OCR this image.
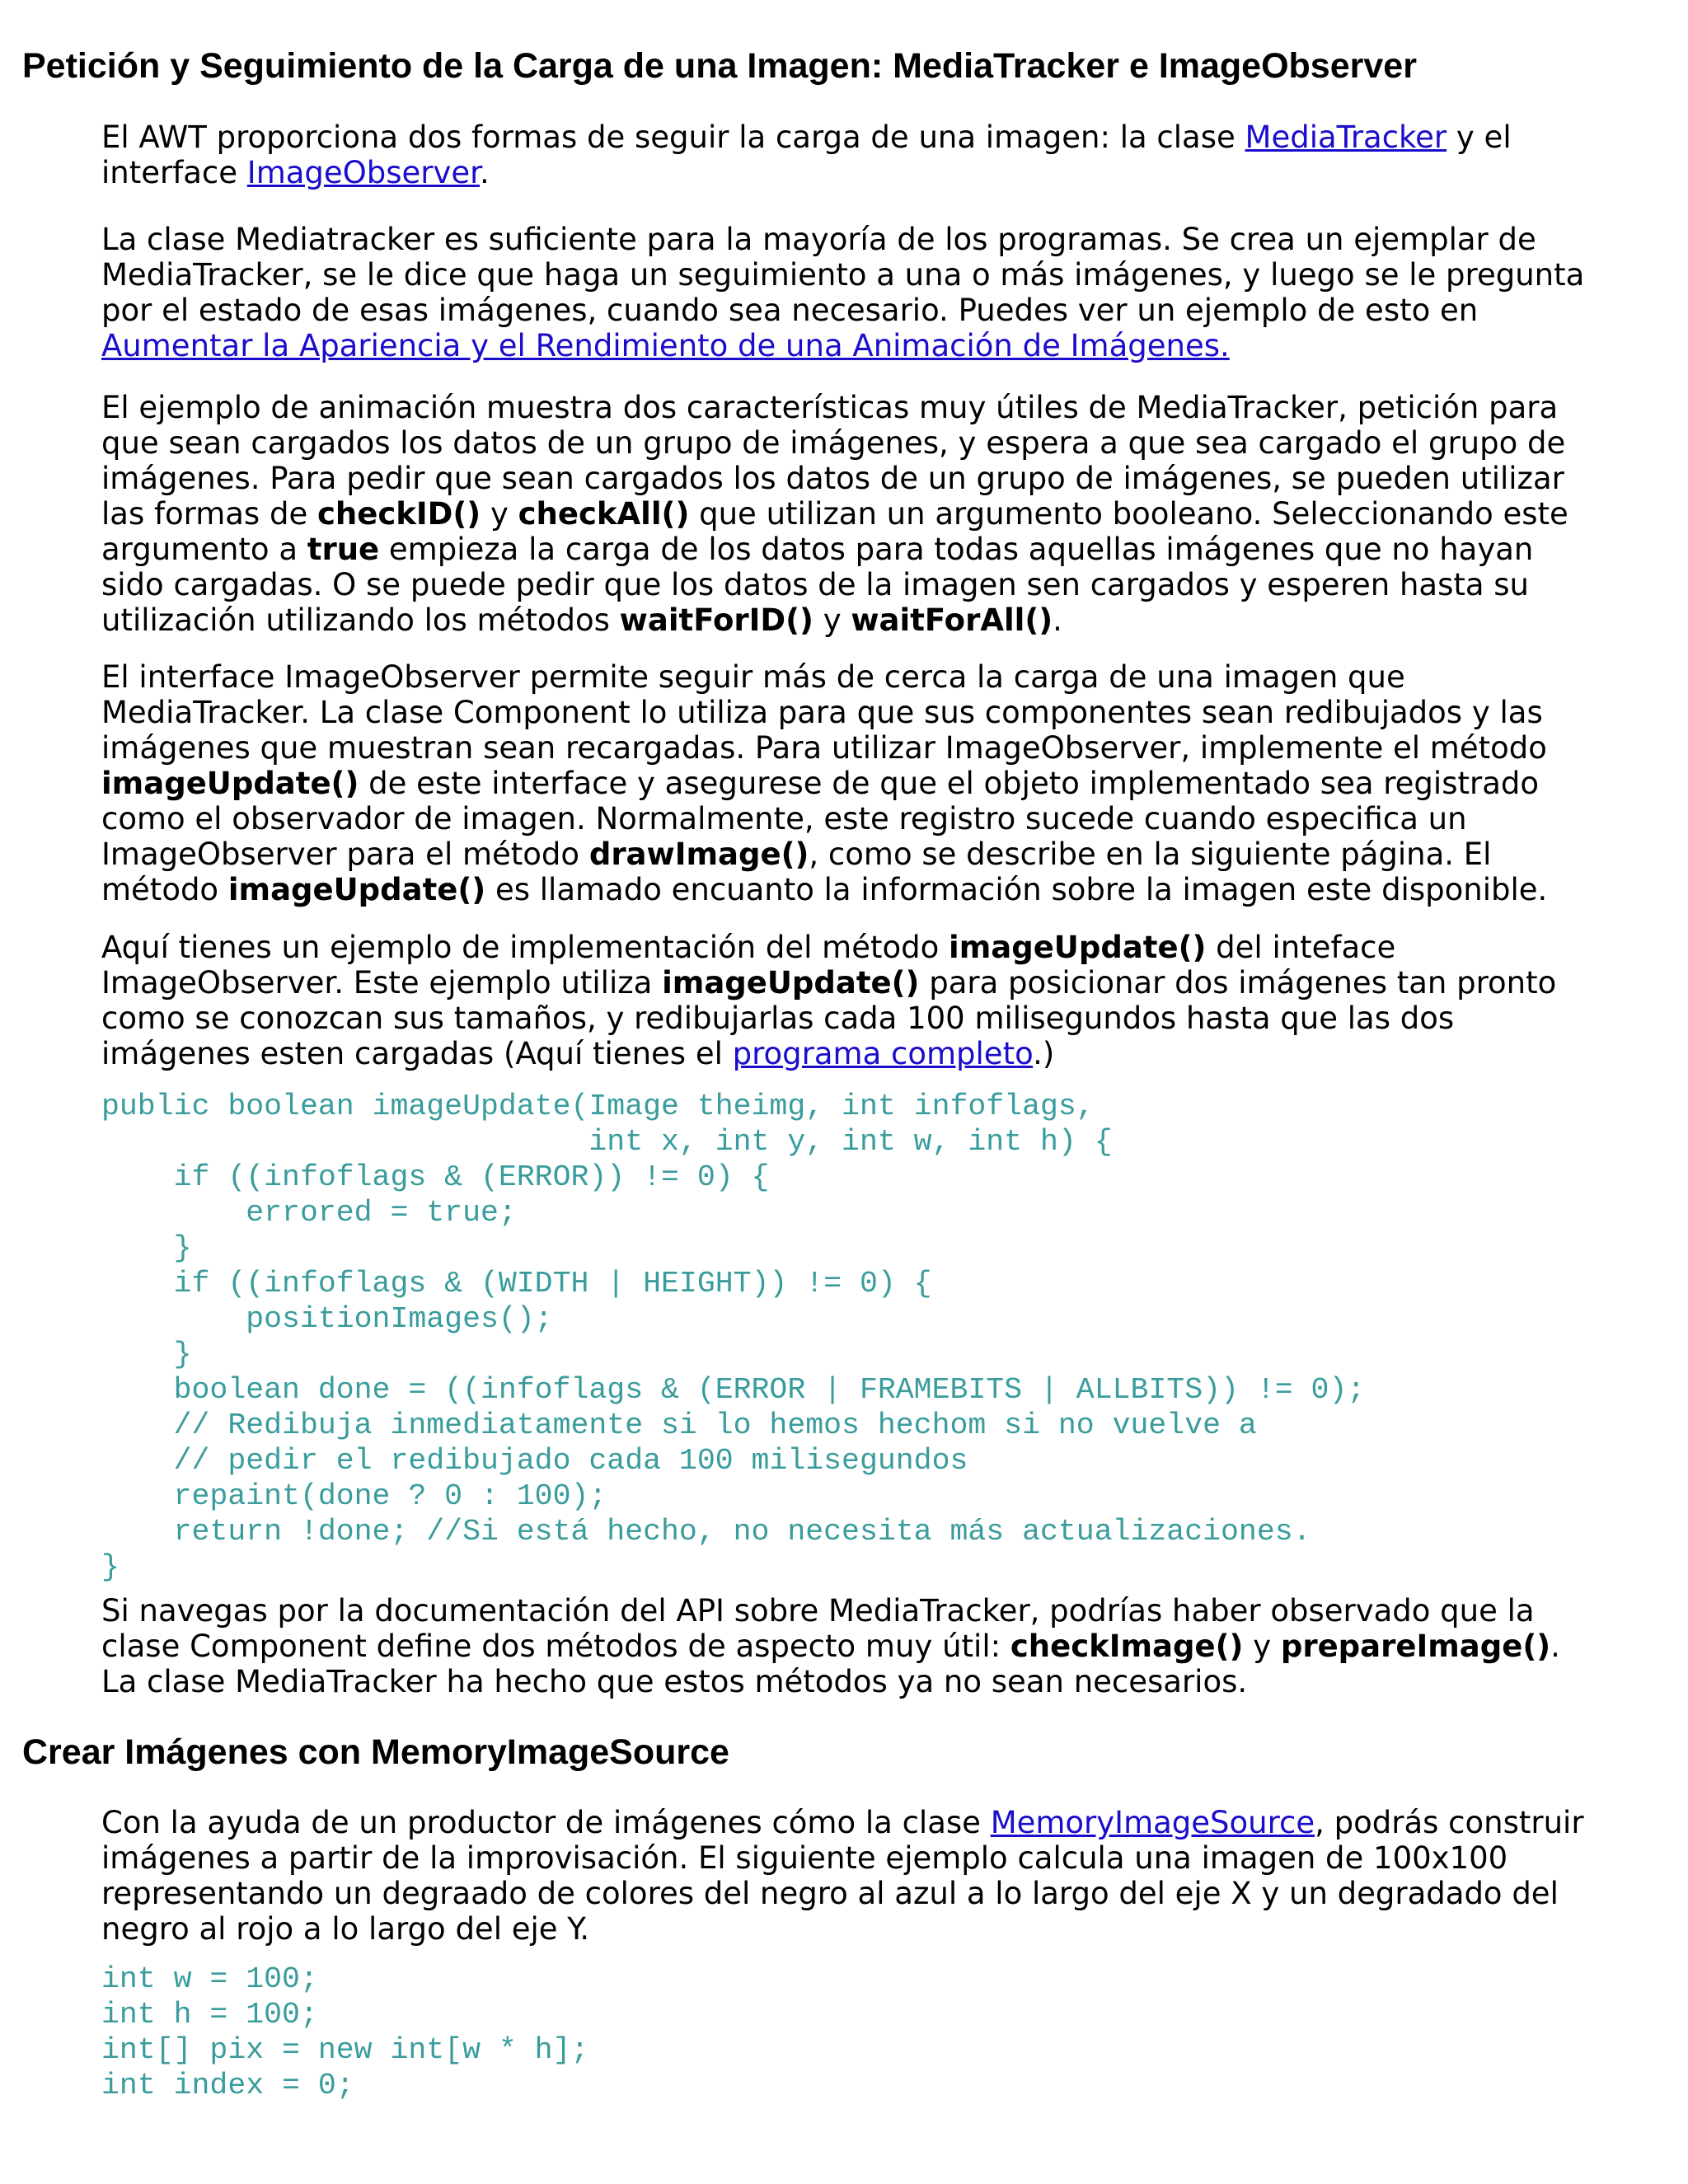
Petición y Seguimiento de la Carga de una Imagen: MediaTracker e ImageObserver

El AWT proporciona dos formas de seguir la carga de una imagen: la clase MediaTracker y el interface ImageObserver.

La clase Mediatracker es suficiente para la mayoría de los programas. Se crea un ejemplar de MediaTracker, se le dice que haga un seguimiento a una o más imágenes, y luego se le pregunta por el estado de esas imágenes, cuando sea necesario. Puedes ver un ejemplo de esto en Aumentar la Apariencia y el Rendimiento de una Animación de Imágenes.

El ejemplo de animación muestra dos características muy útiles de MediaTracker, petición para que sean cargados los datos de un grupo de imágenes, y espera a que sea cargado el grupo de imágenes. Para pedir que sean cargados los datos de un grupo de imágenes, se pueden utilizar las formas de checkID() y checkAll() que utilizan un argumento booleano. Seleccionando este argumento a true empieza la carga de los datos para todas aquellas imágenes que no hayan sido cargadas. O se puede pedir que los datos de la imagen sen cargados y esperen hasta su utilización utilizando los métodos waitForID() y waitForAll().

El interface ImageObserver permite seguir más de cerca la carga de una imagen que MediaTracker. La clase Component lo utiliza para que sus componentes sean redibujados y las imágenes que muestran sean recargadas. Para utilizar ImageObserver, implemente el método imageUpdate() de este interface y asegurese de que el objeto implementado sea registrado como el observador de imagen. Normalmente, este registro sucede cuando especifica un ImageObserver para el método drawImage(), como se describe en la siguiente página. El método imageUpdate() es llamado encuanto la información sobre la imagen este disponible.

Aquí tienes un ejemplo de implementación del método imageUpdate() del inteface ImageObserver. Este ejemplo utiliza imageUpdate() para posicionar dos imágenes tan pronto como se conozcan sus tamaños, y redibujarlas cada 100 milisegundos hasta que las dos imágenes esten cargadas (Aquí tienes el programa completo.)

public boolean imageUpdate(Image theimg, int infoflags,
int x, int y, int w, int h) {
if ((infoflags & (ERROR)) != 0) {
errored = true;
}
if ((infoflags & (WIDTH | HEIGHT)) != 0) {
positionImages();
}
boolean done = ((infoflags & (ERROR | FRAMEBITS | ALLBITS)) != 0);
// Redibuja inmediatamente si lo hemos hechom si no vuelve a
// pedir el redibujado cada 100 milisegundos
repaint(done ? 0 : 100);
return !done; //Si está hecho, no necesita más actualizaciones.
}

Si navegas por la documentación del API sobre MediaTracker, podrías haber observado que la clase Component define dos métodos de aspecto muy útil: checkImage() y prepareImage(). La clase MediaTracker ha hecho que estos métodos ya no sean necesarios.

Crear Imágenes con MemoryImageSource

Con la ayuda de un productor de imágenes cómo la clase MemoryImageSource, podrás construir imágenes a partir de la improvisación. El siguiente ejemplo calcula una imagen de 100x100 representando un degraado de colores del negro al azul a lo largo del eje X y un degradado del negro al rojo a lo largo del eje Y.

int w = 100;
int h = 100;
int[] pix = new int[w * h];
int index = 0;
